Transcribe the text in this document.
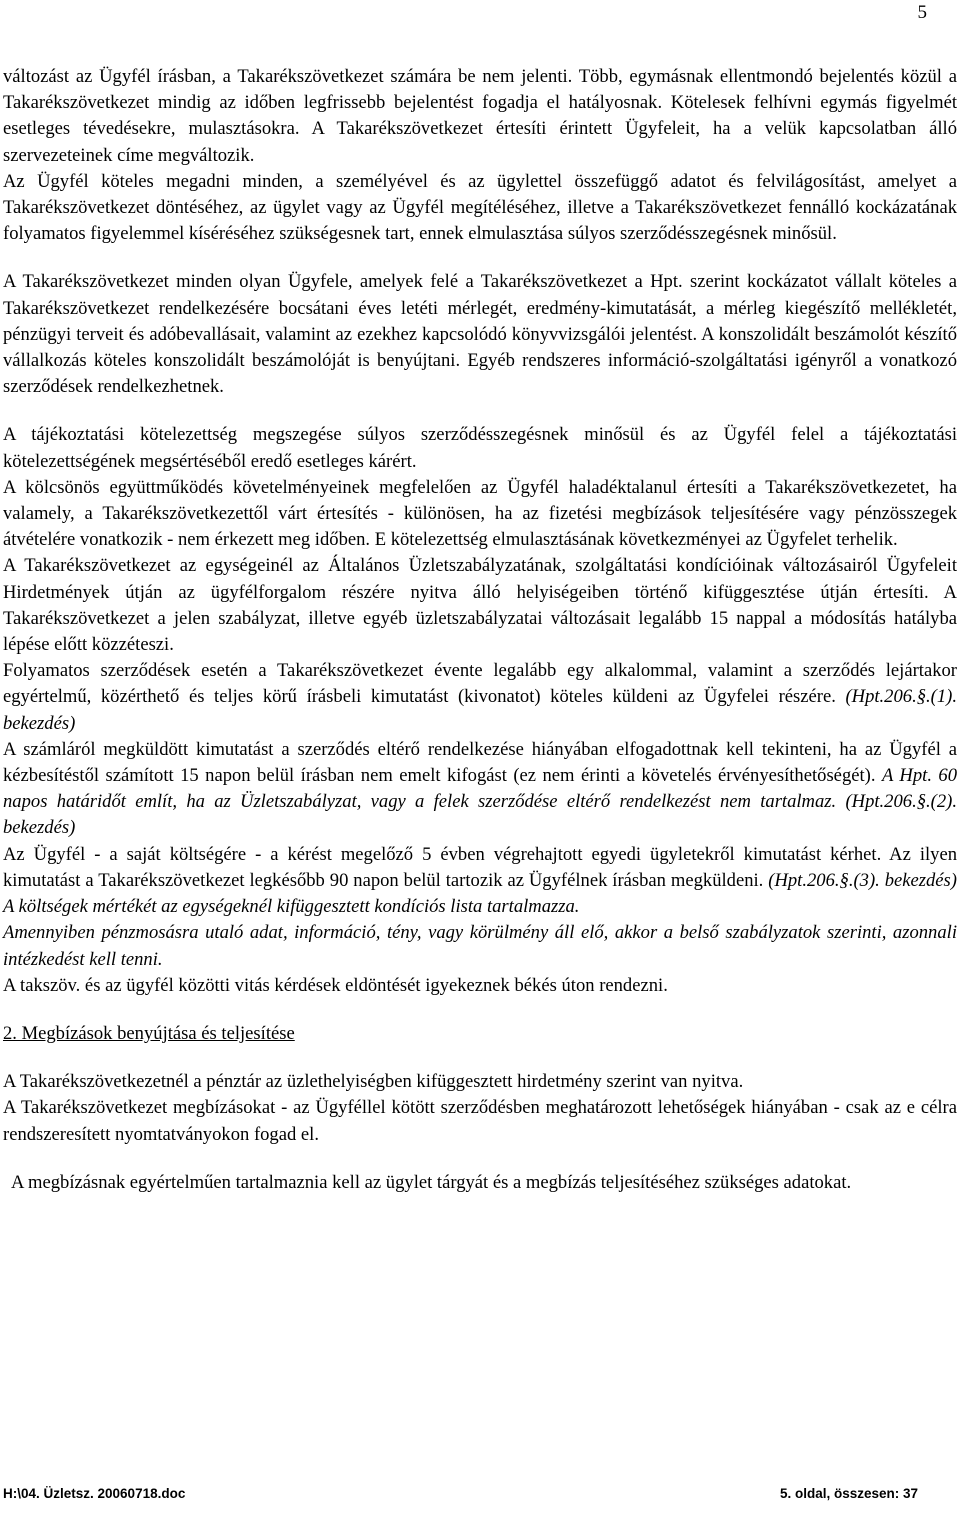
5

változást az Ügyfél írásban, a Takarékszövetkezet számára be nem jelenti. Több, egymásnak ellentmondó bejelentés közül a Takarékszövetkezet mindig az időben legfrissebb bejelentést fogadja el hatályosnak. Kötelesek felhívni egymás figyelmét esetleges tévedésekre, mulasztásokra. A Takarékszövetkezet értesíti érintett Ügyfeleit, ha a velük kapcsolatban álló szervezeteinek címe megváltozik.

Az Ügyfél köteles megadni minden, a személyével és az ügylettel összefüggő adatot és felvilágosítást, amelyet a Takarékszövetkezet döntéséhez, az ügylet vagy az Ügyfél megítéléséhez, illetve a Takarékszövetkezet fennálló kockázatának folyamatos figyelemmel kíséréséhez szükségesnek tart, ennek elmulasztása súlyos szerződésszegésnek minősül.

A Takarékszövetkezet minden olyan Ügyfele, amelyek felé a Takarékszövetkezet a Hpt. szerint kockázatot vállalt köteles a Takarékszövetkezet rendelkezésére bocsátani éves letéti mérlegét, eredmény-kimutatását, a mérleg kiegészítő mellékletét, pénzügyi terveit és adóbevallásait, valamint az ezekhez kapcsolódó könyvvizsgálói jelentést. A konszolidált beszámolót készítő vállalkozás köteles konszolidált beszámolóját is benyújtani. Egyéb rendszeres információ-szolgáltatási igényről a vonatkozó szerződések rendelkezhetnek.

A tájékoztatási kötelezettség megszegése súlyos szerződésszegésnek minősül és az Ügyfél felel a tájékoztatási kötelezettségének megsértéséből eredő esetleges kárért.

A kölcsönös együttműködés követelményeinek megfelelően az Ügyfél haladéktalanul értesíti a Takarékszövetkezetet, ha valamely, a Takarékszövetkezettől várt értesítés - különösen, ha az fizetési megbízások teljesítésére vagy pénzösszegek átvételére vonatkozik - nem érkezett meg időben. E kötelezettség elmulasztásának következményei az Ügyfelet terhelik.

A Takarékszövetkezet az egységeinél az Általános Üzletszabályzatának, szolgáltatási kondícióinak változásairól Ügyfeleit Hirdetmények útján az ügyfélforgalom részére nyitva álló helyiségeiben történő kifüggesztése útján értesíti. A Takarékszövetkezet a jelen szabályzat, illetve egyéb üzletszabályzatai változásait legalább 15 nappal a módosítás hatályba lépése előtt közzéteszi.

Folyamatos szerződések esetén a Takarékszövetkezet évente legalább egy alkalommal, valamint a szerződés lejártakor egyértelmű, közérthető és teljes körű írásbeli kimutatást (kivonatot) köteles küldeni az Ügyfelei részére. (Hpt.206.§.(1). bekezdés)

A számláról megküldött kimutatást a szerződés eltérő rendelkezése hiányában elfogadottnak kell tekinteni, ha az Ügyfél a kézbesítéstől számított 15 napon belül írásban nem emelt kifogást (ez nem érinti a követelés érvényesíthetőségét). A Hpt. 60 napos határidőt említ, ha az Üzletszabályzat, vagy a felek szerződése eltérő rendelkezést nem tartalmaz. (Hpt.206.§.(2). bekezdés)

Az Ügyfél - a saját költségére - a kérést megelőző 5 évben végrehajtott egyedi ügyletekről kimutatást kérhet. Az ilyen kimutatást a Takarékszövetkezet legkésőbb 90 napon belül tartozik az Ügyfélnek írásban megküldeni. (Hpt.206.§.(3). bekezdés) A költségek mértékét az egységeknél kifüggesztett kondíciós lista tartalmazza.

Amennyiben pénzmosásra utaló adat, információ, tény, vagy körülmény áll elő, akkor a belső szabályzatok szerinti, azonnali intézkedést kell tenni.

A takszöv. és az ügyfél közötti vitás kérdések eldöntését igyekeznek békés úton rendezni.

2. Megbízások benyújtása és teljesítése

A Takarékszövetkezetnél a pénztár az üzlethelyiségben kifüggesztett hirdetmény szerint van nyitva.

A Takarékszövetkezet megbízásokat - az Ügyféllel kötött szerződésben meghatározott lehetőségek hiányában - csak az e célra rendszeresített nyomtatványokon fogad el.

A megbízásnak egyértelműen tartalmaznia kell az ügylet tárgyát és a megbízás teljesítéséhez szükséges adatokat.

H:\04. Üzletsz. 20060718.doc	5. oldal, összesen: 37
